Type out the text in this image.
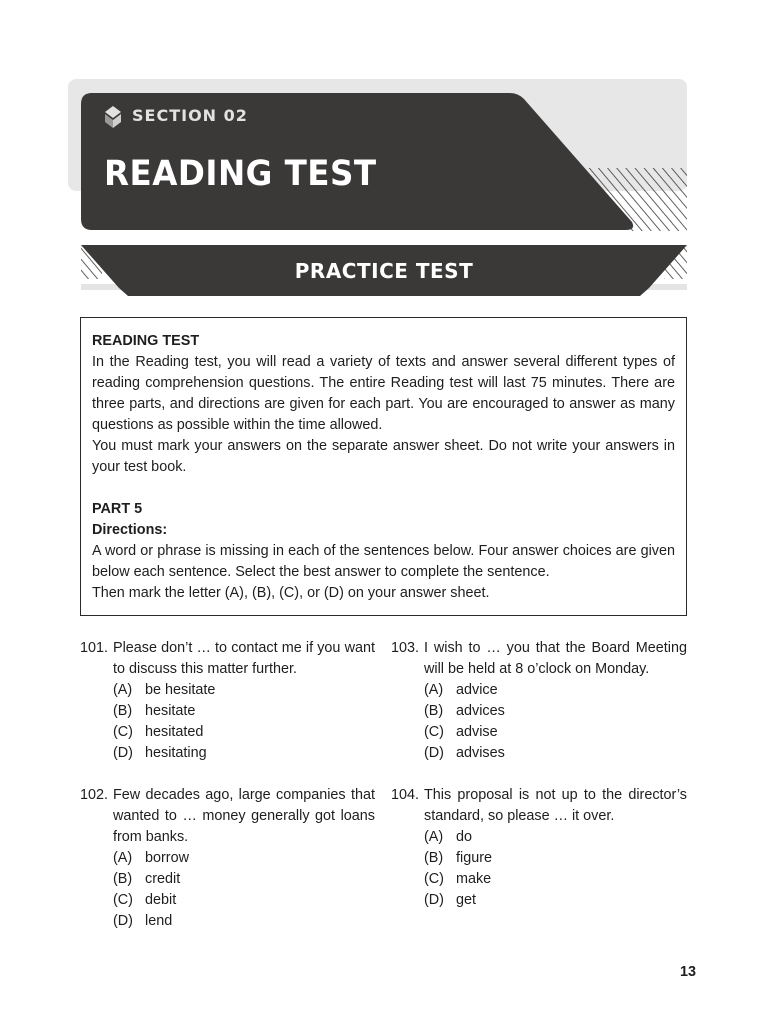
SECTION 02
READING TEST
PRACTICE TEST

READING TEST

In the Reading test, you will read a variety of texts and answer several different types of reading comprehension questions. The entire Reading test will last 75 minutes. There are three parts, and directions are given for each part. You are encouraged to answer as many questions as possible within the time allowed.

You must mark your answers on the separate answer sheet. Do not write your answers in your test book.

PART 5

Directions:

A word or phrase is missing in each of the sentences below. Four answer choices are given below each sentence. Select the best answer to complete the sentence.

Then mark the letter (A), (B), (C), or (D) on your answer sheet.

101. Please don’t … to contact me if you want to discuss this matter further.
(A) be hesitate
(B) hesitate
(C) hesitated
(D) hesitating
102. Few decades ago, large companies that wanted to … money generally got loans from banks.
(A) borrow
(B) credit
(C) debit
(D) lend
103. I wish to … you that the Board Meeting will be held at 8 o’clock on Monday.
(A) advice
(B) advices
(C) advise
(D) advises
104. This proposal is not up to the director’s standard, so please … it over.
(A) do
(B) figure
(C) make
(D) get
13
